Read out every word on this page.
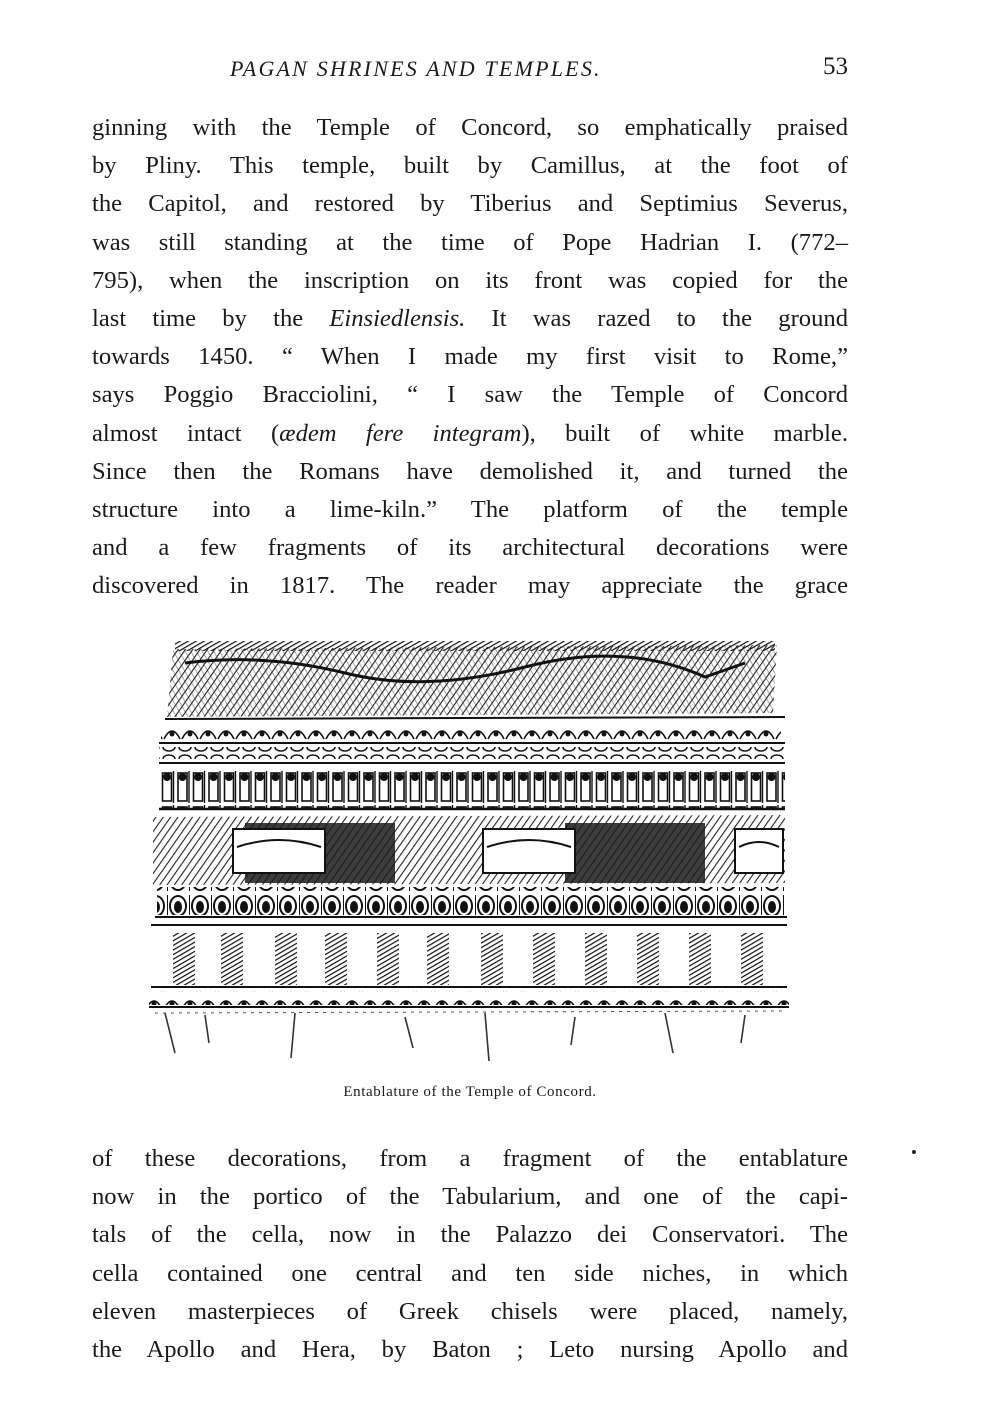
PAGAN SHRINES AND TEMPLES.	53
ginning with the Temple of Concord, so emphatically praised
by Pliny. This temple, built by Camillus, at the foot of
the Capitol, and restored by Tiberius and Septimius Severus,
was still standing at the time of Pope Hadrian I. (772–
795), when the inscription on its front was copied for the
last time by the Einsiedlensis. It was razed to the ground
towards 1450. “ When I made my first visit to Rome,”
says Poggio Bracciolini, “ I saw the Temple of Concord
almost intact (ædem fere integram), built of white marble.
Since then the Romans have demolished it, and turned the
structure into a lime-kiln.” The platform of the temple
and a few fragments of its architectural decorations were
discovered in 1817. The reader may appreciate the grace
Entablature of the Temple of Concord.
of these decorations, from a fragment of the entablature
now in the portico of the Tabularium, and one of the capi-
tals of the cella, now in the Palazzo dei Conservatori. The
cella contained one central and ten side niches, in which
eleven masterpieces of Greek chisels were placed, namely,
the Apollo and Hera, by Baton ; Leto nursing Apollo and
